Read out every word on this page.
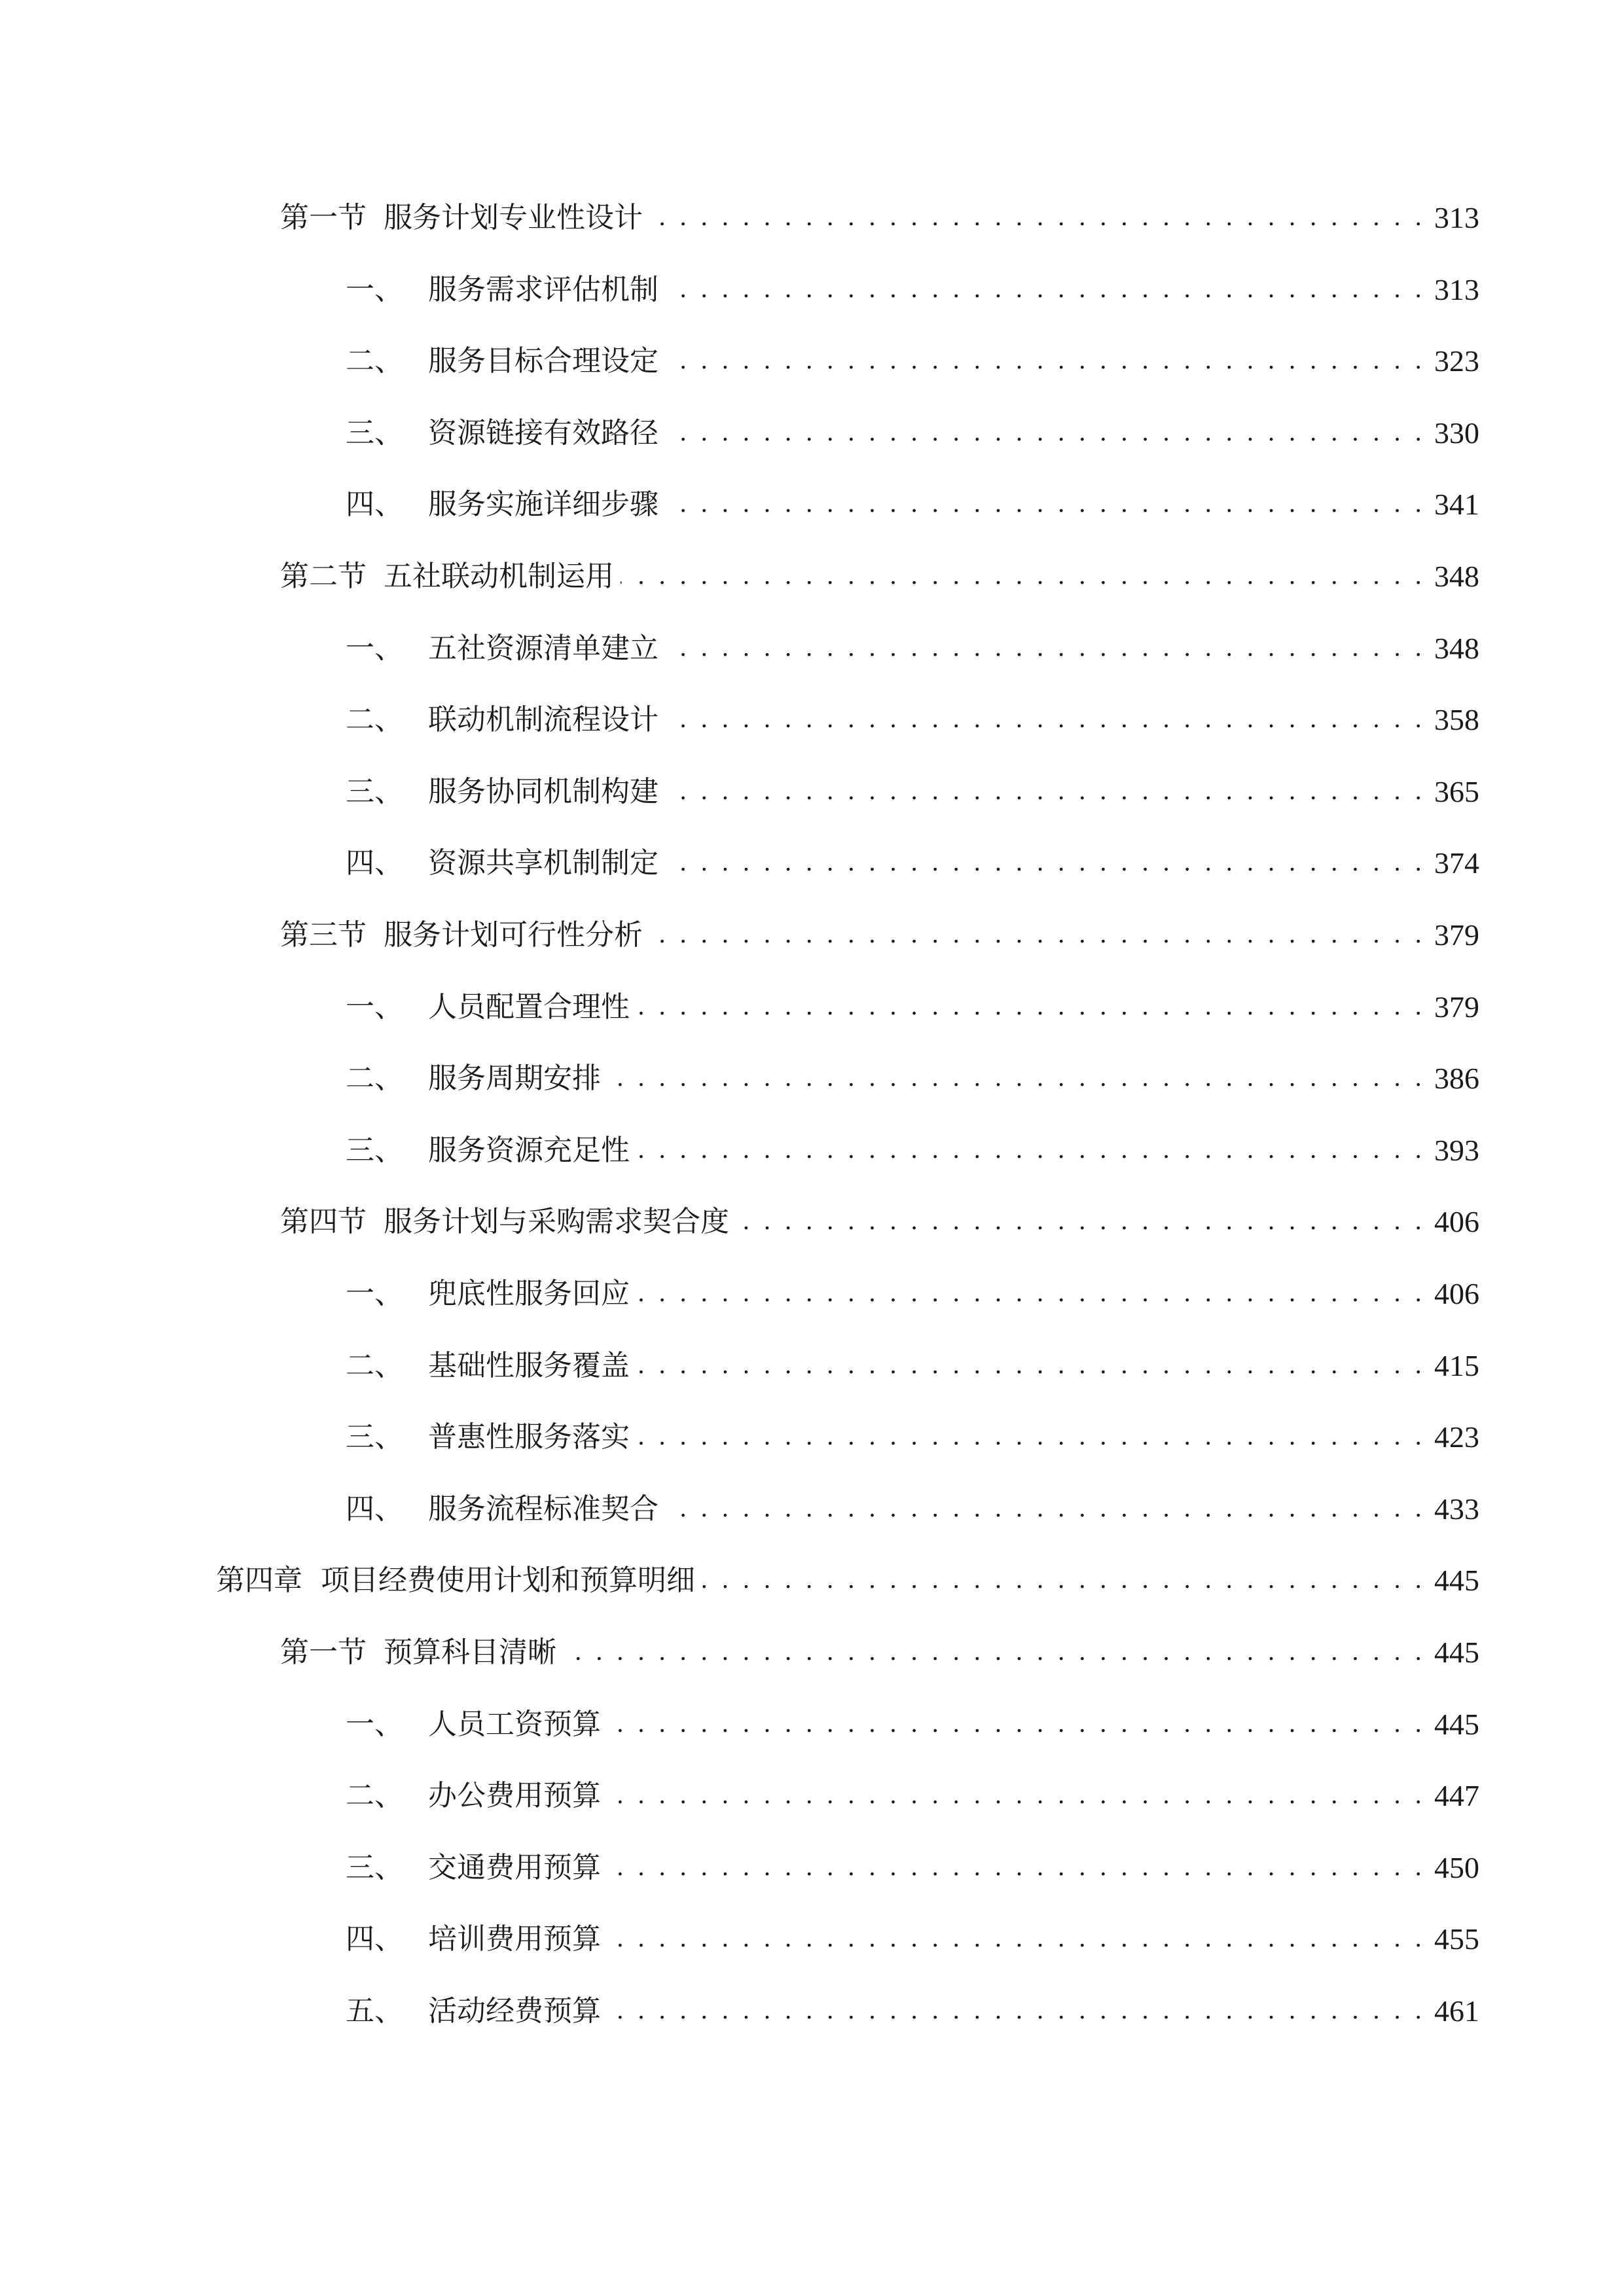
第一节 服务计划专业性设计 . . .	313
一、 服务需求评估机制 . . .	313
二、 服务目标合理设定 . . .	323
三、 资源链接有效路径 . . .	330
四、 服务实施详细步骤 . . .	341
第二节 五社联动机制运用 . . .	348
一、 五社资源清单建立 . . .	348
二、 联动机制流程设计 . . .	358
三、 服务协同机制构建 . . .	365
四、 资源共享机制制定 . . .	374
第三节 服务计划可行性分析 . . .	379
一、 人员配置合理性 . . .	379
二、 服务周期安排 . . .	386
三、 服务资源充足性 . . .	393
第四节 服务计划与采购需求契合度 . . .	406
一、 兜底性服务回应 . . .	406
二、 基础性服务覆盖 . . .	415
三、 普惠性服务落实 . . .	423
四、 服务流程标准契合 . . .	433
第四章 项目经费使用计划和预算明细 . . .	445
第一节 预算科目清晰 . . .	445
一、 人员工资预算 . . .	445
二、 办公费用预算 . . .	447
三、 交通费用预算 . . .	450
四、 培训费用预算 . . .	455
五、 活动经费预算 . . .	461
